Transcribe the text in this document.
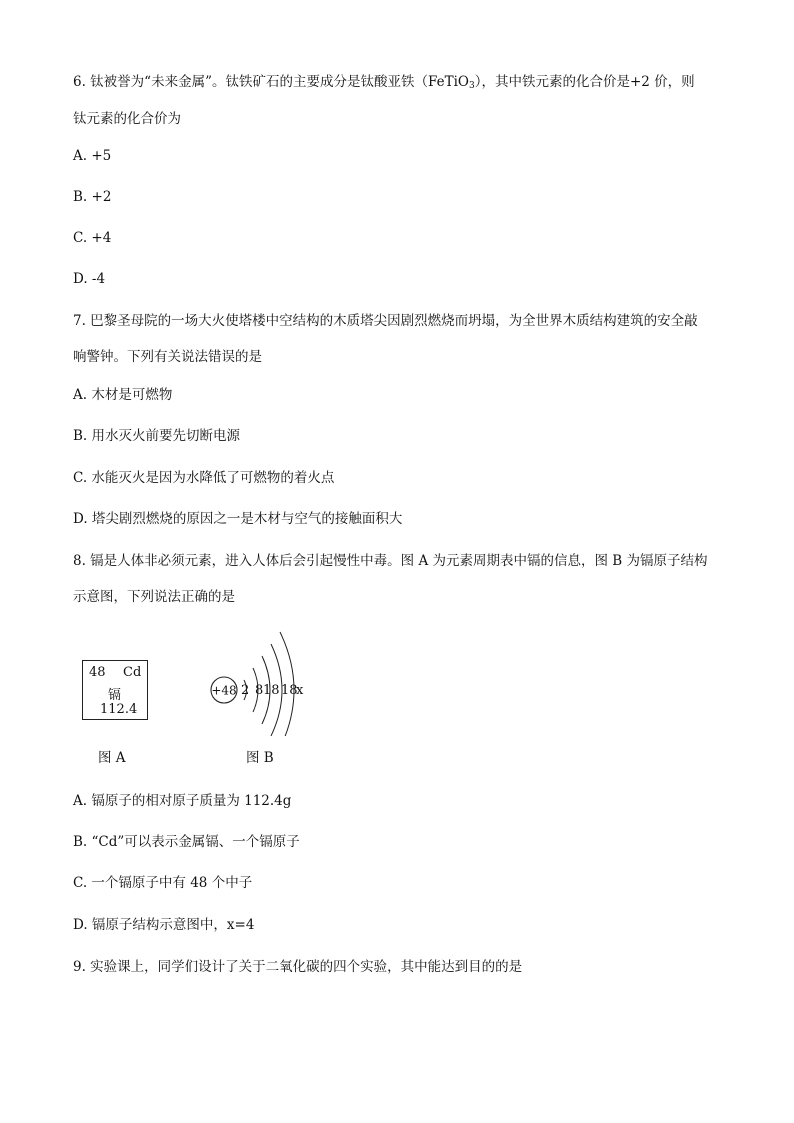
6. 钛被誉为“未来金属”。钛铁矿石的主要成分是钛酸亚铁（FeTiO$_3$），其中铁元素的化合价是+2 价，则
钛元素的化合价为
A. +5
B. +2
C. +4
D. -4
7. 巴黎圣母院的一场大火使塔楼中空结构的木质塔尖因剧烈燃烧而坍塌，为全世界木质结构建筑的安全敲
响警钟。下列有关说法错误的是
A. 木材是可燃物
B. 用水灭火前要先切断电源
C. 水能灭火是因为水降低了可燃物的着火点
D. 塔尖剧烈燃烧的原因之一是木材与空气的接触面积大
8. 镉是人体非必须元素，进入人体后会引起慢性中毒。图 A 为元素周期表中镉的信息，图 B 为镉原子结构
示意图，下列说法正确的是
48 Cd
镉
112.4
图 A
+48 2 8 18 18
x
图 B
A. 镉原子的相对原子质量为 112.4g
B. “Cd”可以表示金属镉、一个镉原子
C. 一个镉原子中有 48 个中子
D. 镉原子结构示意图中，x=4
9. 实验课上，同学们设计了关于二氧化碳的四个实验，其中能达到目的的是
